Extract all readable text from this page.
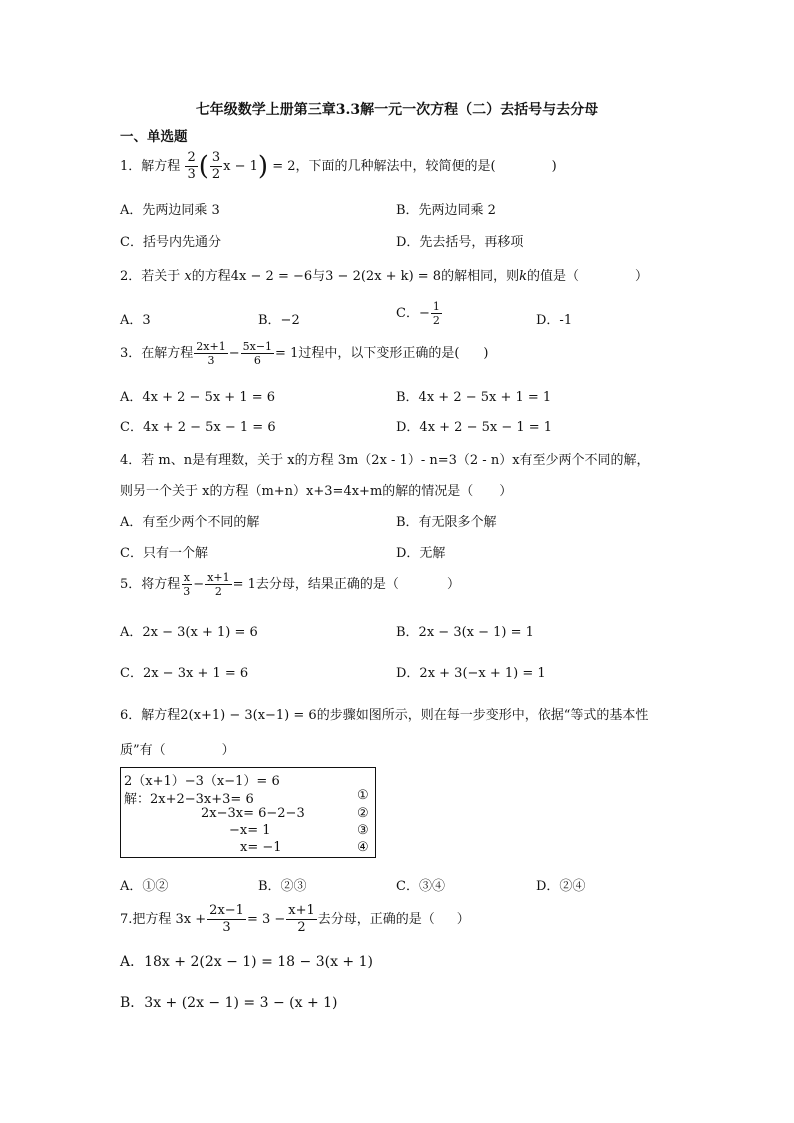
七年级数学上册第三章3.3解一元一次方程（二）去括号与去分母
一、单选题
1．解方程 $\frac{2}{3}$ ( $\frac{3}{2}$ x − 1) = 2，下面的几种解法中，较简便的是(	)
A．先两边同乘 3	B．先两边同乘 2
C．括号内先通分	D．先去括号，再移项
2．若关于 x的方程4x − 2 = −6与3 − 2(2x + k) = 8的解相同，则k的值是（	）
A．3	B．−2	C．− $\frac{1}{2}$	D．-1
3．在解方程 $\frac{2x+1}{3} - \frac{5x-1}{6} = 1$过程中，以下变形正确的是( )
A．4x + 2 − 5x + 1 = 6	B．4x + 2 − 5x + 1 = 1
C．4x + 2 − 5x − 1 = 6	D．4x + 2 − 5x − 1 = 1
4．若 m、n是有理数，关于 x的方程 3m（2x - 1）- n=3（2 - n）x有至少两个不同的解，
则另一个关于 x的方程（m+n）x+3=4x+m的解的情况是（ ）
A．有至少两个不同的解	B．有无限多个解
C．只有一个解	D．无解
5．将方程 $\frac{x}{3} - \frac{x+1}{2} = 1$去分母，结果正确的是（	）
A．2x − 3(x + 1) = 6	B．2x − 3(x − 1) = 1
C．2x − 3x + 1 = 6	D．2x + 3(−x + 1) = 1
6．解方程2(x+1) − 3(x−1) = 6的步骤如图所示，则在每一步变形中，依据“等式的基本性
质”有（	）
2（x+1）−3（x−1）= 6
解：2x+2−3x+3= 6
2x−3x= 6−2−3
−x= 1
x= −1
①
②
③
④
A．①②	B．②③	C．③④	D．②④
7.把方程 $3x + \frac{2x-1}{3} = 3 - \frac{x+1}{2}$ 去分母，正确的是（ ）
A．18x + 2(2x − 1) = 18 − 3(x + 1)
B．3x + (2x − 1) = 3 − (x + 1)
